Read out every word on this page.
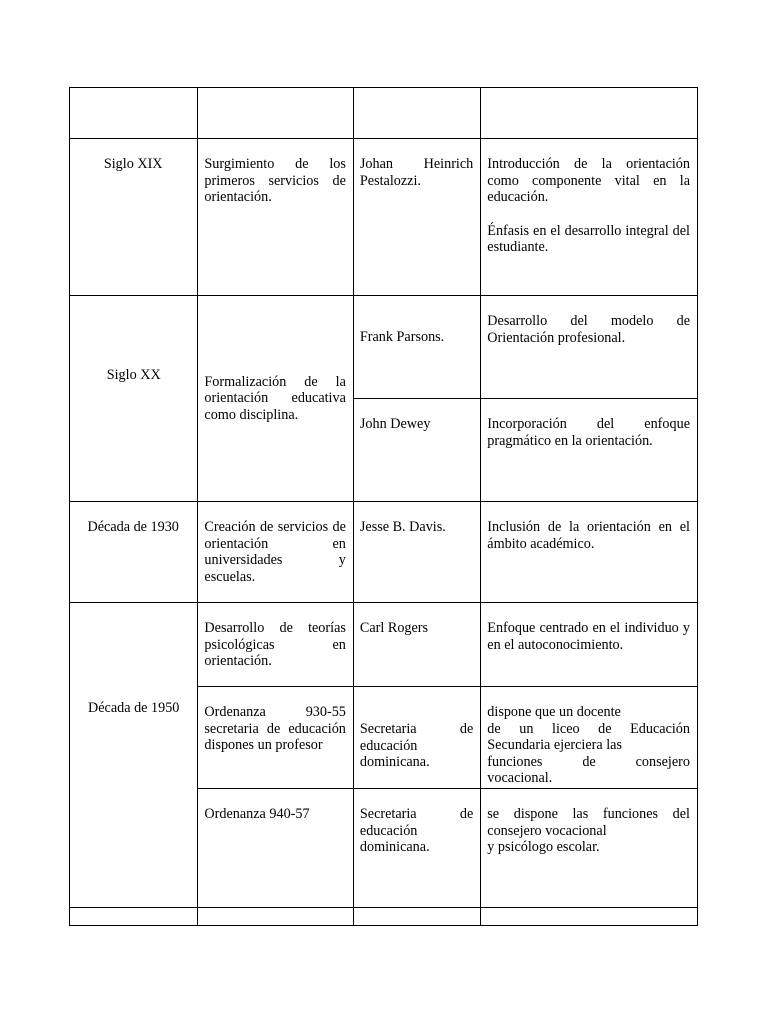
Siglo XIX	Surgimiento de los primeros servicios de orientación.	Johan Heinrich Pestalozzi.	Introducción de la orientación como componente vital en la educación.
Énfasis en el desarrollo integral del estudiante.

Siglo XX	Formalización de la orientación educativa como disciplina.	Frank Parsons.	Desarrollo del modelo de Orientación profesional.

		John Dewey	Incorporación del enfoque pragmático en la orientación.

Década de 1930	Creación de servicios de orientación en universidades y escuelas.	Jesse B. Davis.	Inclusión de la orientación en el ámbito académico.

Década de 1950	Desarrollo de teorías psicológicas en orientación.	Carl Rogers	Enfoque centrado en el individuo y en el autoconocimiento.

	Ordenanza 930-55 secretaria de educación dispones un profesor	Secretaria de educación dominicana.	dispone que un docente
de un liceo de Educación
Secundaria ejerciera las
funciones de consejero
vocacional.

	Ordenanza 940-57	Secretaria de educación dominicana.	se dispone las funciones del
consejero vocacional
y psicólogo escolar.
